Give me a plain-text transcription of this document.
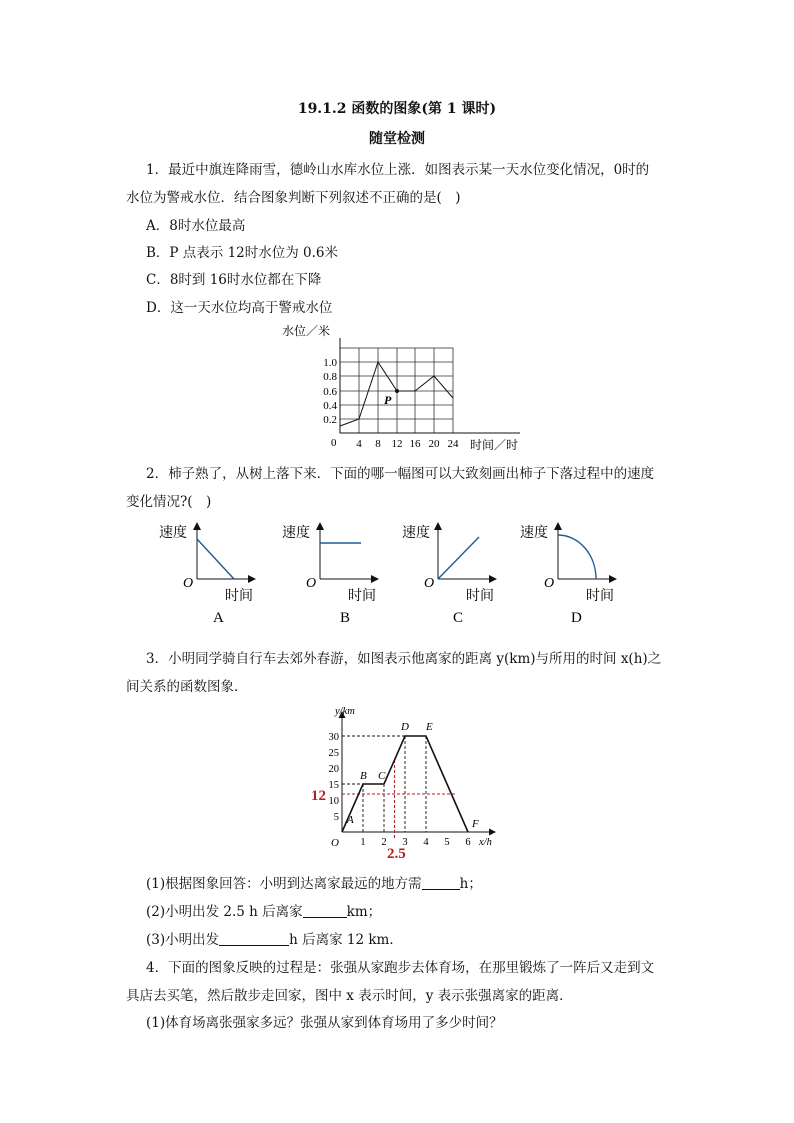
19.1.2 函数的图象(第 1 课时)
随堂检测
1．最近中旗连降雨雪，德岭山水库水位上涨．如图表示某一天水位变化情况，0时的
水位为警戒水位．结合图象判断下列叙述不正确的是(　)
A．8时水位最高
B．P 点表示 12时水位为 0.6米
C．8时到 16时水位都在下降
D．这一天水位均高于警戒水位
P
水位／米
时间／时
0 4 8 12 16 20 24
0.2
0.4
0.6
0.8
1.0
2．柿子熟了，从树上落下来．下面的哪一幅图可以大致刻画出柿子下落过程中的速度
变化情况?(　)
速度
O
时间
A
速度
O
时间
B
速度
O
时间
C
速度
O
时间
D
3．小明同学骑自行车去郊外春游，如图表示他离家的距离 y(km)与所用的时间 x(h)之
间关系的函数图象．
1 2 3 4 5 6
5
10
15
20
25
30
A
B C
D E
F
y/km
x/h
O
12
2.5
(1)根据图象回答：小明到达离家最远的地方需	h；
(2)小明出发 2.5 h 后离家	km；
(3)小明出发	h 后离家 12 km．
4．下面的图象反映的过程是：张强从家跑步去体育场，在那里锻炼了一阵后又走到文
具店去买笔，然后散步走回家，图中 x 表示时间，y 表示张强离家的距离．
(1)体育场离张强家多远？张强从家到体育场用了多少时间？
